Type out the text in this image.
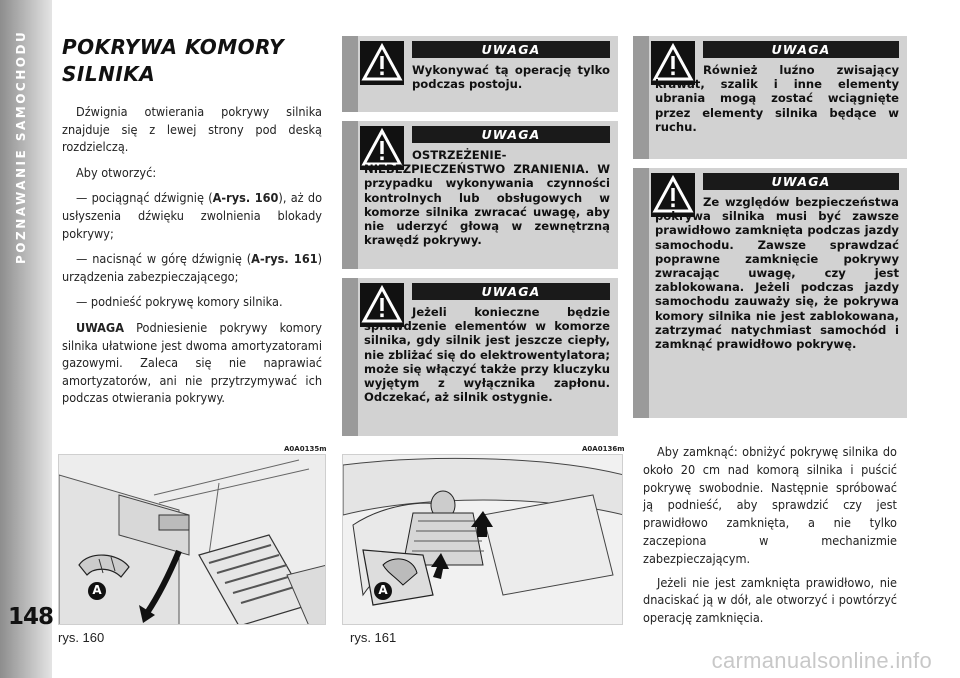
POZNAWANIE SAMOCHODU
148
POKRYWA KOMORY SILNIKA

Dźwignia otwierania pokrywy silnika znajduje się z lewej strony pod deską rozdzielczą.

Aby otworzyć:

— pociągnąć dźwignię (A-rys. 160), aż do usłyszenia dźwięku zwolnienia blokady pokrywy;

— nacisnąć w górę dźwignię (A-rys. 161) urządzenia zabezpieczającego;

— podnieść pokrywę komory silnika.

UWAGA Podniesienie pokrywy komory silnika ułatwione jest dwoma amortyzatorami gazowymi. Zaleca się nie naprawiać amortyzatorów, ani nie przytrzymywać ich podczas otwierania pokrywy.

UWAGA
Wykonywać tą operację tylko podczas postoju.
UWAGA
OSTRZEŻENIE-NIEBEZPIECZEŃSTWO ZRANIENIA. W przypadku wykonywania czynności kontrolnych lub obsługowych w komorze silnika zwracać uwagę, aby nie uderzyć głową w zewnętrzną krawędź pokrywy.
UWAGA
Jeżeli konieczne będzie sprawdzenie elementów w komorze silnika, gdy silnik jest jeszcze ciepły, nie zbliżać się do elektrowentylatora; może się włączyć także przy kluczyku wyjętym z wyłącznika zapłonu. Odczekać, aż silnik ostygnie.
UWAGA
Również luźno zwisający krawat, szalik i inne elementy ubrania mogą zostać wciągnięte przez elementy silnika będące w ruchu.
UWAGA
Ze względów bezpieczeństwa pokrywa silnika musi być zawsze prawidłowo zamknięta podczas jazdy samochodu. Zawsze sprawdzać poprawne zamknięcie pokrywy zwracając uwagę, czy jest zablokowana. Jeżeli podczas jazdy samochodu zauważy się, że pokrywa komory silnika nie jest zablokowana, zatrzymać natychmiast samochód i zamknąć prawidłowo pokrywę.
A0A0135m
A
rys. 160
A0A0136m
A
rys. 161

Aby zamknąć: obniżyć pokrywę silnika do około 20 cm nad komorą silnika i puścić pokrywę swobodnie. Następnie spróbować ją podnieść, aby sprawdzić czy jest prawidłowo zamknięta, a nie tylko zaczepiona w mechanizmie zabezpieczającym.

Jeżeli nie jest zamknięta prawidłowo, nie dnaciskać ją w dół, ale otworzyć i powtórzyć operację zamknięcia.

carmanualsonline.info
